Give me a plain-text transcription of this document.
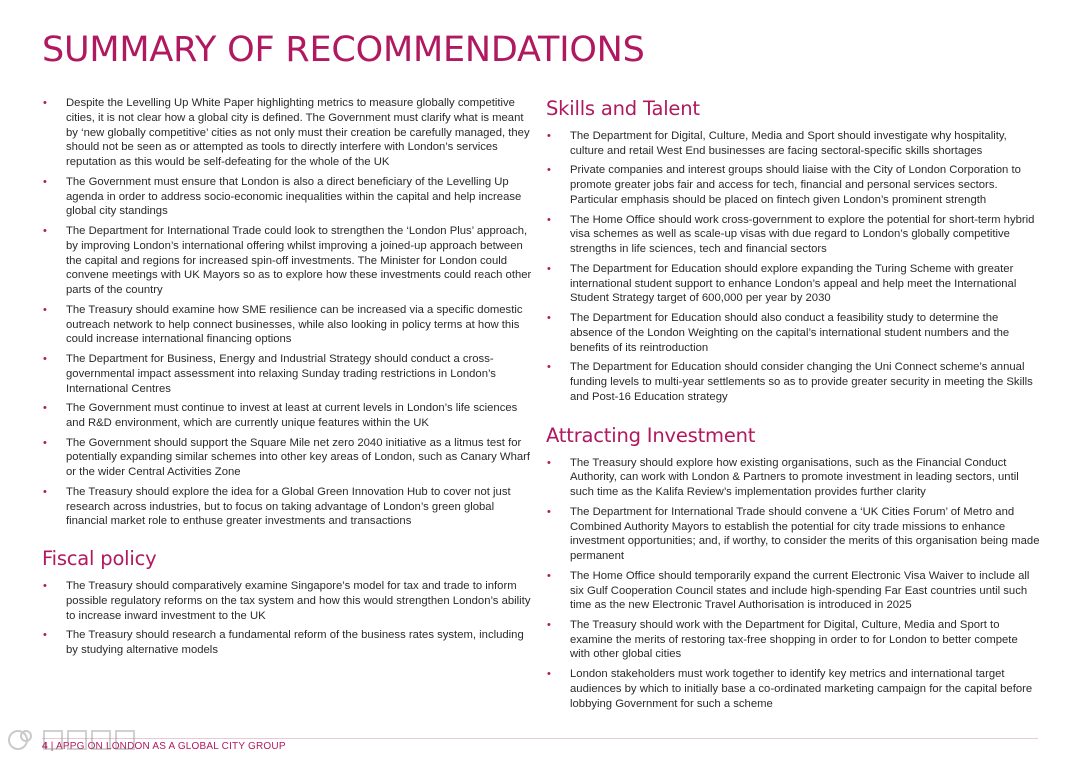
SUMMARY OF RECOMMENDATIONS
• Despite the Levelling Up White Paper highlighting metrics to measure globally competitive cities, it is not clear how a global city is defined. The Government must clarify what is meant by ‘new globally competitive’ cities as not only must their creation be carefully managed, they should not be seen as or attempted as tools to directly interfere with London’s services reputation as this would be self-defeating for the whole of the UK
• The Government must ensure that London is also a direct beneficiary of the Levelling Up agenda in order to address socio-economic inequalities within the capital and help increase global city standings
• The Department for International Trade could look to strengthen the ‘London Plus’ approach, by improving London’s international offering whilst improving a joined-up approach between the capital and regions for increased spin-off investments. The Minister for London could convene meetings with UK Mayors so as to explore how these investments could reach other parts of the country
• The Treasury should examine how SME resilience can be increased via a specific domestic outreach network to help connect businesses, while also looking in policy terms at how this could increase international financing options
• The Department for Business, Energy and Industrial Strategy should conduct a cross-governmental impact assessment into relaxing Sunday trading restrictions in London’s International Centres
• The Government must continue to invest at least at current levels in London’s life sciences and R&D environment, which are currently unique features within the UK
• The Government should support the Square Mile net zero 2040 initiative as a litmus test for potentially expanding similar schemes into other key areas of London, such as Canary Wharf or the wider Central Activities Zone
• The Treasury should explore the idea for a Global Green Innovation Hub to cover not just research across industries, but to focus on taking advantage of London’s green global financial market role to enthuse greater investments and transactions
Fiscal policy
• The Treasury should comparatively examine Singapore’s model for tax and trade to inform possible regulatory reforms on the tax system and how this would strengthen London’s ability to increase inward investment to the UK
• The Treasury should research a fundamental reform of the business rates system, including by studying alternative models
Skills and Talent
• The Department for Digital, Culture, Media and Sport should investigate why hospitality, culture and retail West End businesses are facing sectoral-specific skills shortages
• Private companies and interest groups should liaise with the City of London Corporation to promote greater jobs fair and access for tech, financial and personal services sectors. Particular emphasis should be placed on fintech given London’s prominent strength
• The Home Office should work cross-government to explore the potential for short-term hybrid visa schemes as well as scale-up visas with due regard to London’s globally competitive strengths in life sciences, tech and financial sectors
• The Department for Education should explore expanding the Turing Scheme with greater international student support to enhance London’s appeal and help meet the International Student Strategy target of 600,000 per year by 2030
• The Department for Education should also conduct a feasibility study to determine the absence of the London Weighting on the capital’s international student numbers and the benefits of its reintroduction
• The Department for Education should consider changing the Uni Connect scheme’s annual funding levels to multi-year settlements so as to provide greater security in meeting the Skills and Post-16 Education strategy
Attracting Investment
• The Treasury should explore how existing organisations, such as the Financial Conduct Authority, can work with London & Partners to promote investment in leading sectors, until such time as the Kalifa Review’s implementation provides further clarity
• The Department for International Trade should convene a ‘UK Cities Forum’ of Metro and Combined Authority Mayors to establish the potential for city trade missions to enhance investment opportunities; and, if worthy, to consider the merits of this organisation being made permanent
• The Home Office should temporarily expand the current Electronic Visa Waiver to include all six Gulf Cooperation Council states and include high-spending Far East countries until such time as the new Electronic Travel Authorisation is introduced in 2025
• The Treasury should work with the Department for Digital, Culture, Media and Sport to examine the merits of restoring tax-free shopping in order to for London to better compete with other global cities
• London stakeholders must work together to identify key metrics and international target audiences by which to initially base a co-ordinated marketing campaign for the capital before lobbying Government for such a scheme
4 | APPG ON LONDON AS A GLOBAL CITY GROUP
